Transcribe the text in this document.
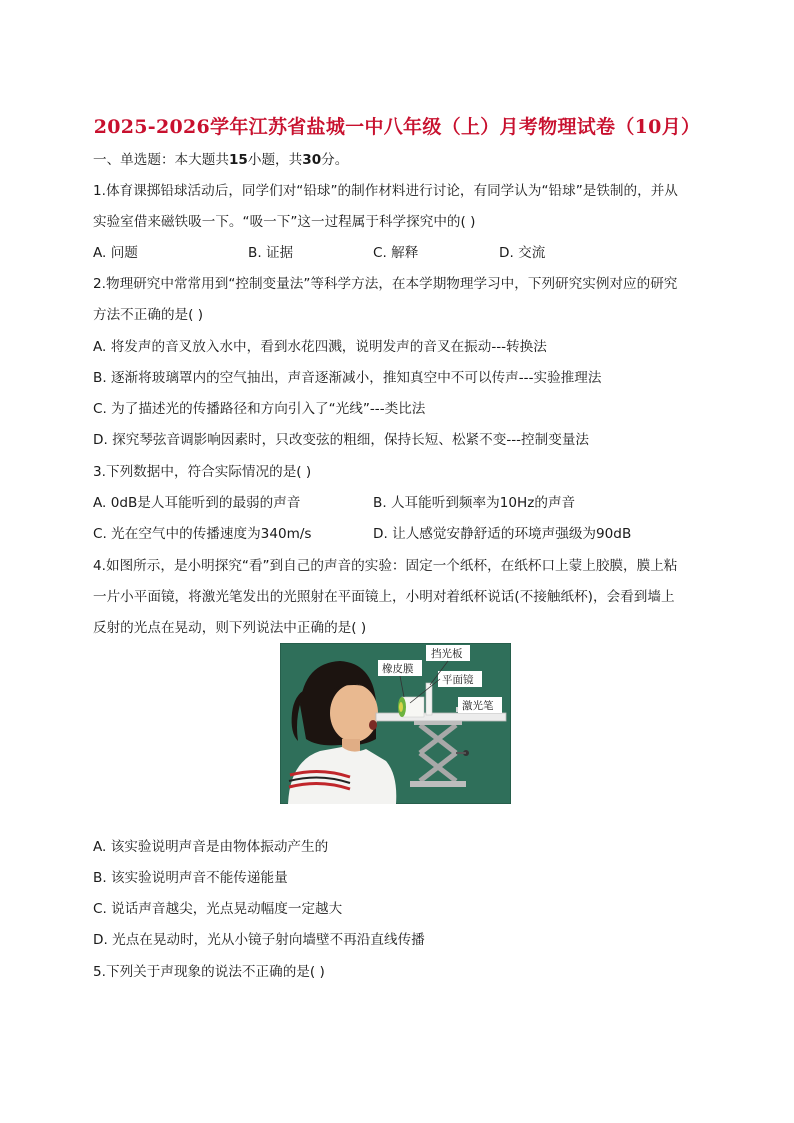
2025-2026学年江苏省盐城一中八年级（上）月考物理试卷（10月）
一、单选题：本大题共15小题，共30分。
1.体育课掷铅球活动后，同学们对“铅球”的制作材料进行讨论，有同学认为“铅球”是铁制的，并从
实验室借来磁铁吸一下。“吸一下”这一过程属于科学探究中的( )
A. 问题	B. 证据	C. 解释	D. 交流
2.物理研究中常常用到“控制变量法”等科学方法，在本学期物理学习中，下列研究实例对应的研究
方法不正确的是( )
A. 将发声的音叉放入水中，看到水花四溅，说明发声的音叉在振动---转换法
B. 逐渐将玻璃罩内的空气抽出，声音逐渐减小，推知真空中不可以传声---实验推理法
C. 为了描述光的传播路径和方向引入了“光线”---类比法
D. 探究琴弦音调影响因素时，只改变弦的粗细，保持长短、松紧不变---控制变量法
3.下列数据中，符合实际情况的是( )
A. 0dB是人耳能听到的最弱的声音	B. 人耳能听到频率为10Hz的声音
C. 光在空气中的传播速度为340m/s	D. 让人感觉安静舒适的环境声强级为90dB
4.如图所示，是小明探究“看”到自己的声音的实验：固定一个纸杯，在纸杯口上蒙上胶膜，膜上粘
一片小平面镜，将激光笔发出的光照射在平面镜上，小明对着纸杯说话(不接触纸杯)，会看到墙上
反射的光点在晃动，则下列说法中正确的是( )
挡光板
橡皮膜
平面镜
激光笔
A. 该实验说明声音是由物体振动产生的
B. 该实验说明声音不能传递能量
C. 说话声音越尖，光点晃动幅度一定越大
D. 光点在晃动时，光从小镜子射向墙壁不再沿直线传播
5.下列关于声现象的说法不正确的是( )
